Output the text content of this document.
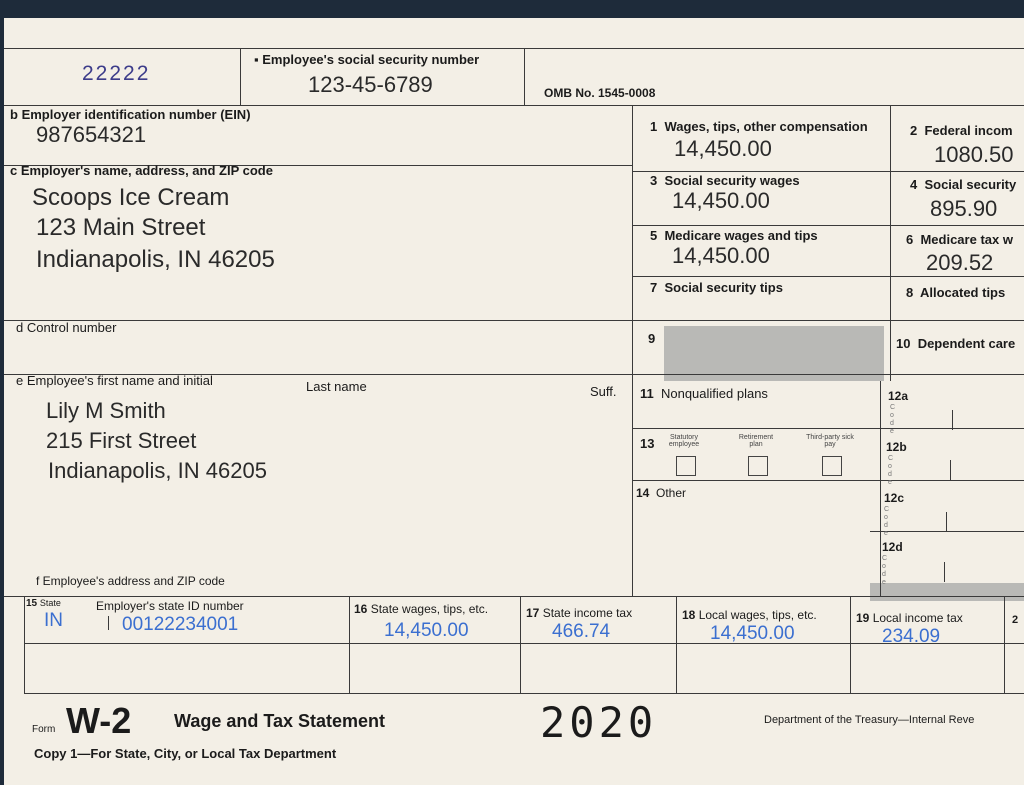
22222
▪ Employee's social security number
123-45-6789	OMB No. 1545-0008
b Employer identification number (EIN)
987654321
c Employer's name, address, and ZIP code
Scoops Ice Cream
123 Main Street
Indianapolis, IN 46205
d Control number
e Employee's first name and initial	Last name	Suff.
Lily M Smith
215 First Street
Indianapolis, IN 46205
f Employee's address and ZIP code
1  Wages, tips, other compensation
14,450.00
2  Federal incom
1080.50
3  Social security wages
14,450.00
4  Social security
895.90
5  Medicare wages and tips
14,450.00
6  Medicare tax w
209.52
7  Social security tips	8  Allocated tips
9	10  Dependent care
11  Nonqualified plans
13	Statutory employee
Retirement plan
Third-party sick pay
14  Other
12a
C o d e
12b
C o d e
12c
C o d e
12d
C o d e
15 State	Employer's state ID number
IN	00122234001
16 State wages, tips, etc.
14,450.00
17 State income tax
466.74
18 Local wages, tips, etc.
14,450.00
19 Local income tax
234.09
2
Form W-2 Wage and Tax Statement	2020	Department of the Treasury—Internal Reve
Copy 1—For State, City, or Local Tax Department
